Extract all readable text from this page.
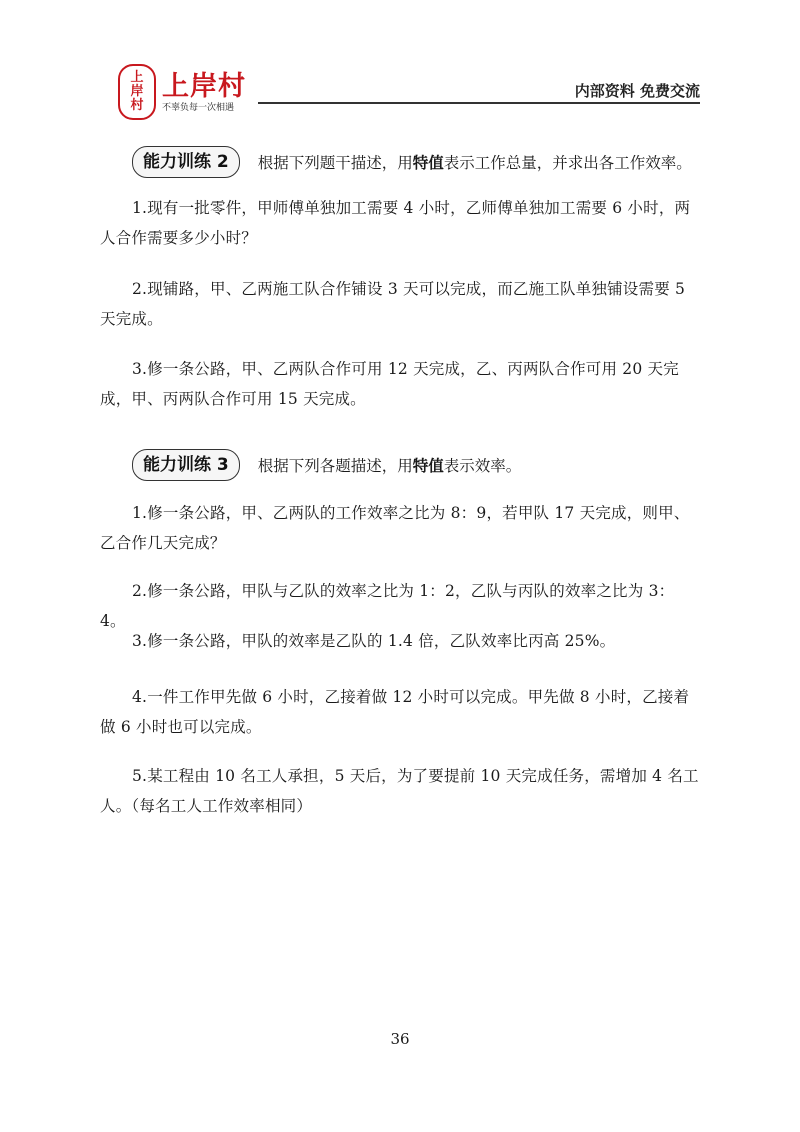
上
岸
村
上岸村
不辜负每一次相遇
内部资料 免费交流
能力训练 2	根据下列题干描述，用特值表示工作总量，并求出各工作效率。

1.现有一批零件，甲师傅单独加工需要 4 小时，乙师傅单独加工需要 6 小时，两人合作需要多少小时？

2.现铺路，甲、乙两施工队合作铺设 3 天可以完成，而乙施工队单独铺设需要 5 天完成。

3.修一条公路，甲、乙两队合作可用 12 天完成，乙、丙两队合作可用 20 天完成，甲、丙两队合作可用 15 天完成。

能力训练 3	根据下列各题描述，用特值表示效率。

1.修一条公路，甲、乙两队的工作效率之比为 8：9，若甲队 17 天完成，则甲、乙合作几天完成？

2.修一条公路，甲队与乙队的效率之比为 1：2，乙队与丙队的效率之比为 3：4。

3.修一条公路，甲队的效率是乙队的 1.4 倍，乙队效率比丙高 25%。

4.一件工作甲先做 6 小时，乙接着做 12 小时可以完成。甲先做 8 小时，乙接着做 6 小时也可以完成。

5.某工程由 10 名工人承担，5 天后，为了要提前 10 天完成任务，需增加 4 名工人。（每名工人工作效率相同）

36
